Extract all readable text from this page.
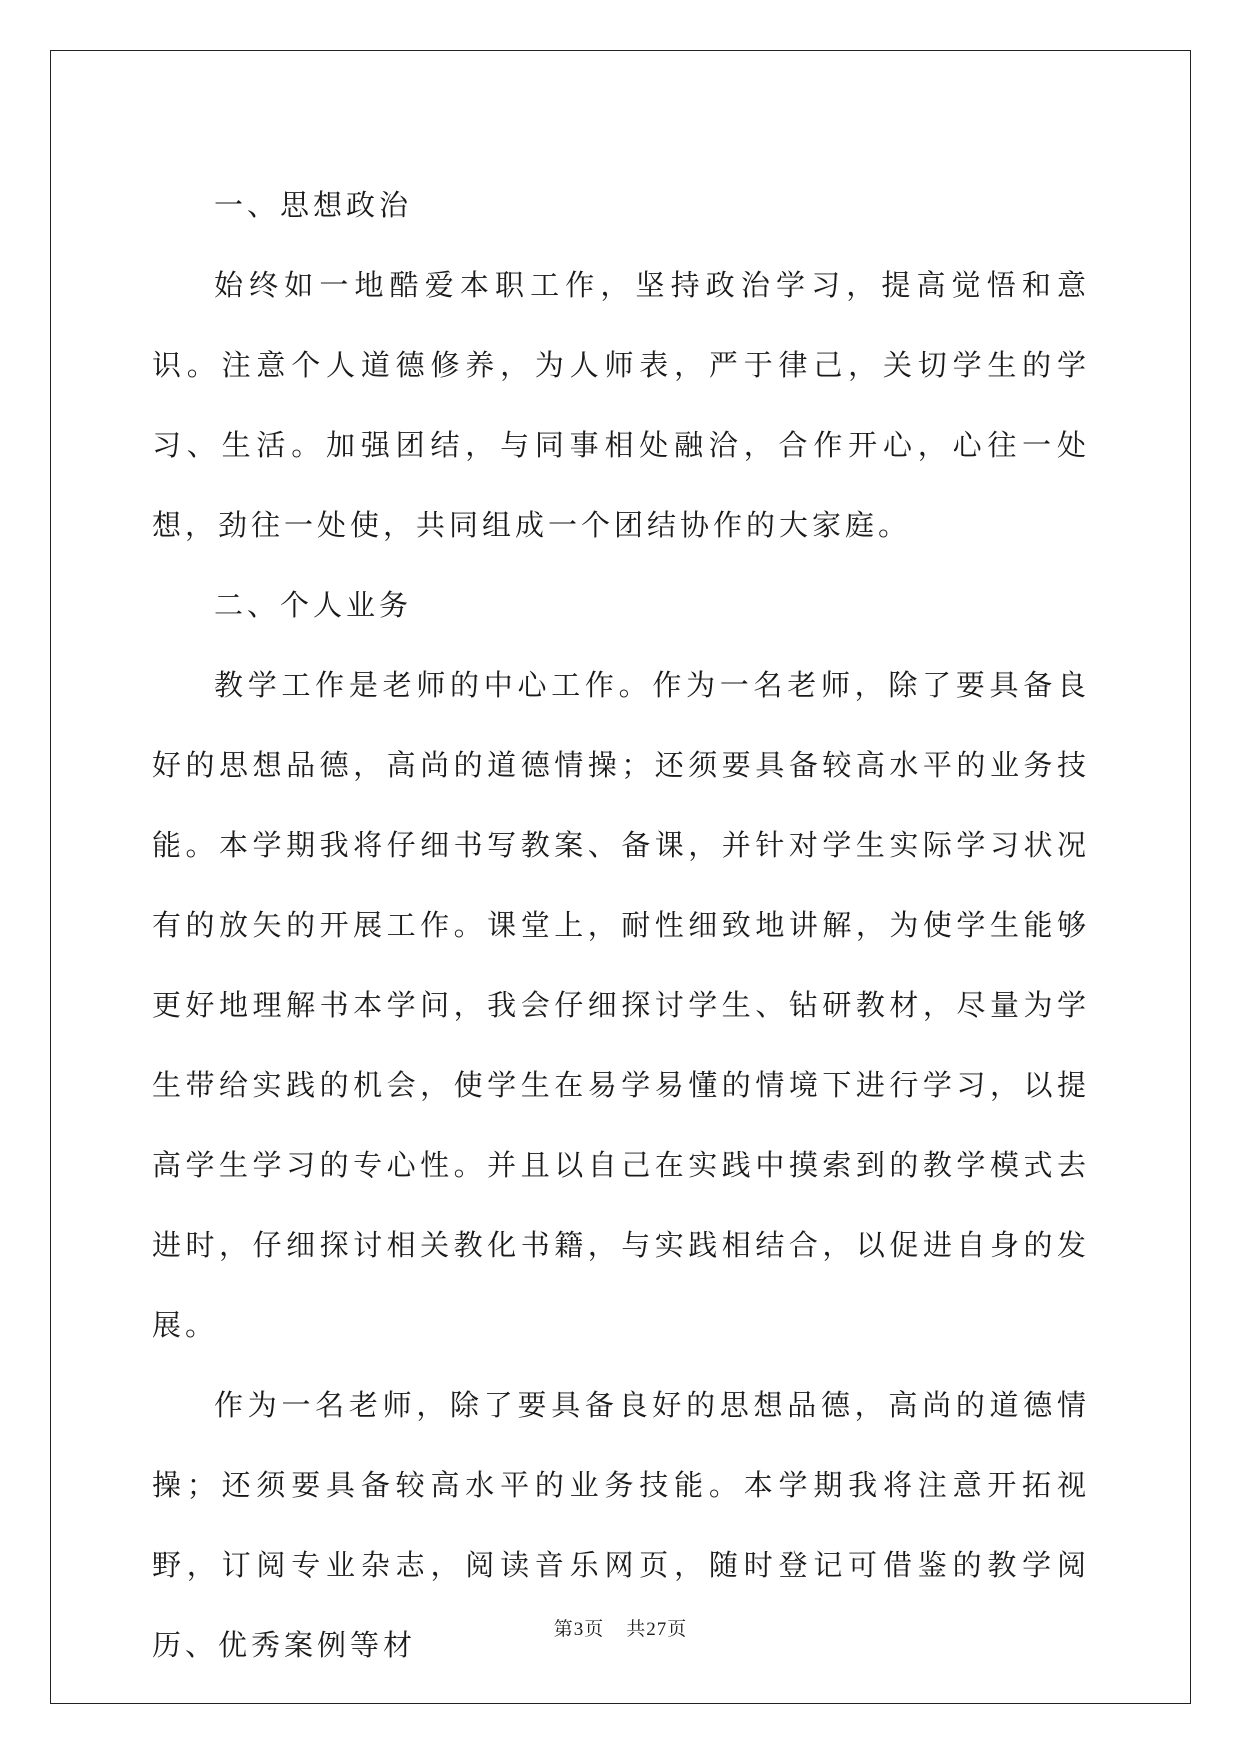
一、思想政治

始终如一地酷爱本职工作，坚持政治学习，提高觉悟和意识。注意个人道德修养，为人师表，严于律己，关切学生的学习、生活。加强团结，与同事相处融洽，合作开心，心往一处想，劲往一处使，共同组成一个团结协作的大家庭。

二、个人业务

教学工作是老师的中心工作。作为一名老师，除了要具备良好的思想品德，高尚的道德情操；还须要具备较高水平的业务技能。本学期我将仔细书写教案、备课，并针对学生实际学习状况有的放矢的开展工作。课堂上，耐性细致地讲解，为使学生能够更好地理解书本学问，我会仔细探讨学生、钻研教材，尽量为学生带给实践的机会，使学生在易学易懂的情境下进行学习，以提高学生学习的专心性。并且以自己在实践中摸索到的教学模式去进时，仔细探讨相关教化书籍，与实践相结合，以促进自身的发展。

作为一名老师，除了要具备良好的思想品德，高尚的道德情操；还须要具备较高水平的业务技能。本学期我将注意开拓视野，订阅专业杂志，阅读音乐网页，随时登记可借鉴的教学阅历、优秀案例等材	第3页 共27页
